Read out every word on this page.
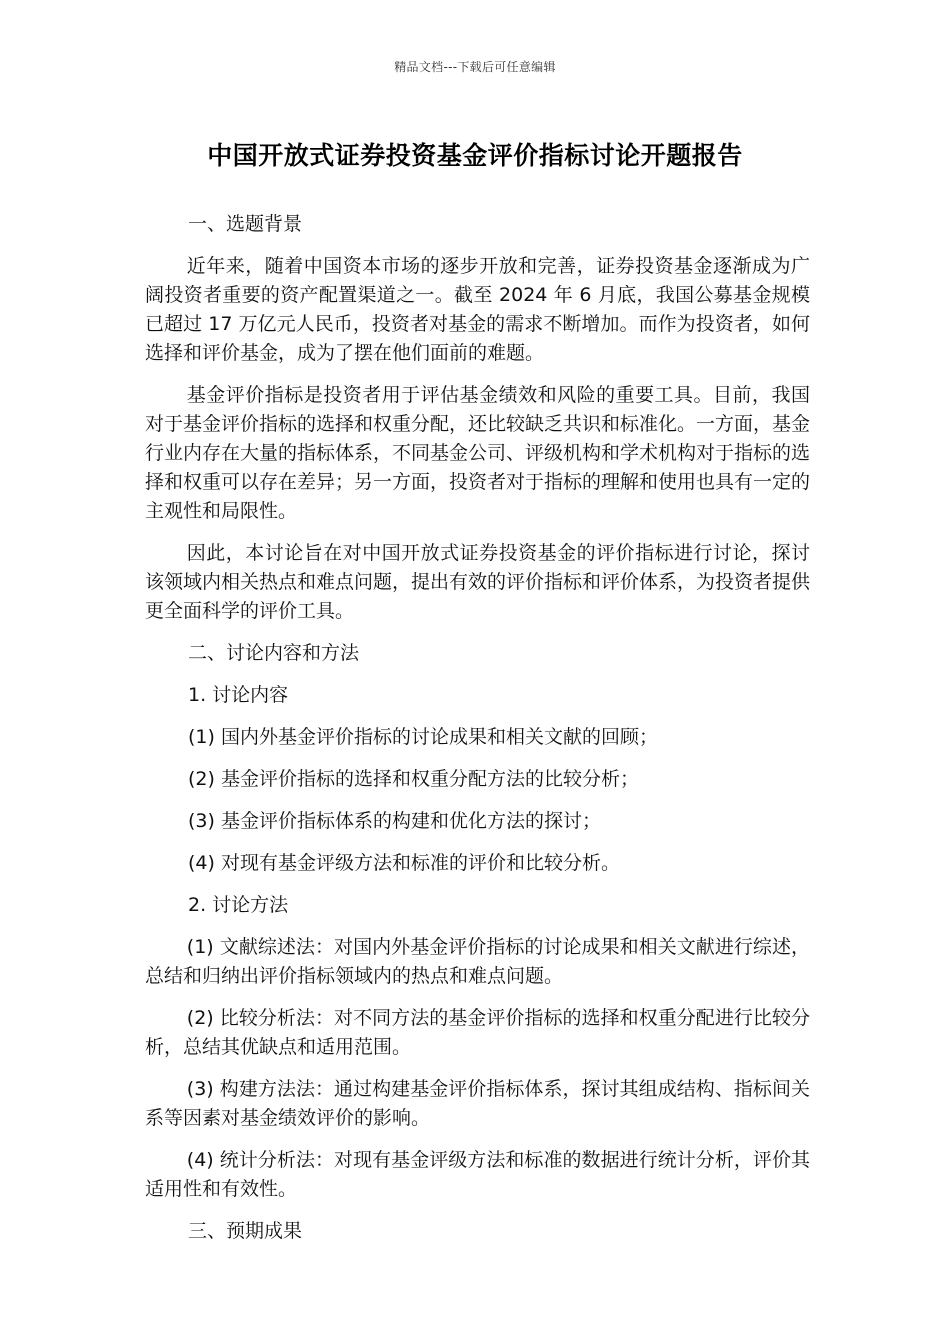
精品文档---下载后可任意编辑
中国开放式证券投资基金评价指标讨论开题报告

一、选题背景

近年来，随着中国资本市场的逐步开放和完善，证券投资基金逐渐成为广阔投资者重要的资产配置渠道之一。截至 2024 年 6 月底，我国公募基金规模已超过 17 万亿元人民币，投资者对基金的需求不断增加。而作为投资者，如何选择和评价基金，成为了摆在他们面前的难题。

基金评价指标是投资者用于评估基金绩效和风险的重要工具。目前，我国对于基金评价指标的选择和权重分配，还比较缺乏共识和标准化。一方面，基金行业内存在大量的指标体系，不同基金公司、评级机构和学术机构对于指标的选择和权重可以存在差异；另一方面，投资者对于指标的理解和使用也具有一定的主观性和局限性。

因此，本讨论旨在对中国开放式证券投资基金的评价指标进行讨论，探讨该领域内相关热点和难点问题，提出有效的评价指标和评价体系，为投资者提供更全面科学的评价工具。

二、讨论内容和方法

1. 讨论内容

(1) 国内外基金评价指标的讨论成果和相关文献的回顾；

(2) 基金评价指标的选择和权重分配方法的比较分析；

(3) 基金评价指标体系的构建和优化方法的探讨；

(4) 对现有基金评级方法和标准的评价和比较分析。

2. 讨论方法

(1) 文献综述法：对国内外基金评价指标的讨论成果和相关文献进行综述，总结和归纳出评价指标领域内的热点和难点问题。

(2) 比较分析法：对不同方法的基金评价指标的选择和权重分配进行比较分析，总结其优缺点和适用范围。

(3) 构建方法法：通过构建基金评价指标体系，探讨其组成结构、指标间关系等因素对基金绩效评价的影响。

(4) 统计分析法：对现有基金评级方法和标准的数据进行统计分析，评价其适用性和有效性。

三、预期成果
